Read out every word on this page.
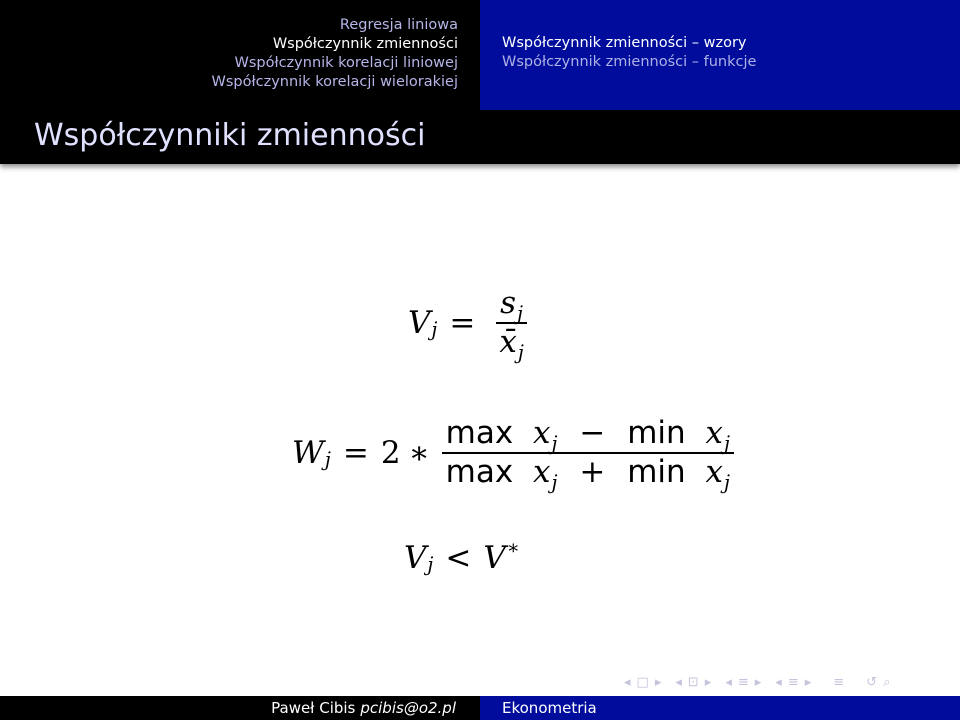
Regresja liniowa
Współczynnik zmienności
Współczynnik korelacji liniowej
Współczynnik korelacji wielorakiej
Współczynnik zmienności – wzory
Współczynnik zmienności – funkcje
Współczynniki zmienności
V $j = \frac{s_j}{x̄_j}$
W j = 2 ∗ $\frac{\max x_j - \min x_j}{\max x_j + \min x_j}$
V j < V ∗
◂ □ ▸ ◂ ⊡ ▸ ◂ ≡ ▸ ◂ ≡ ▸ ≡ ↺ ⌕
Paweł Cibis pcibis@o2.pl	Ekonometria
